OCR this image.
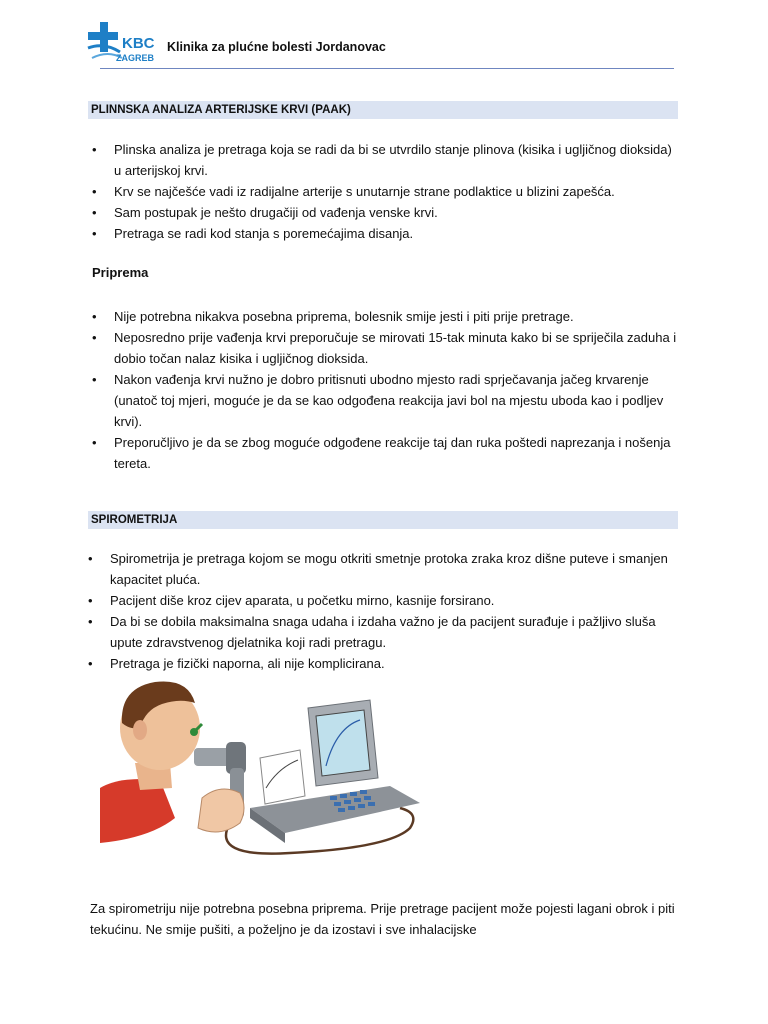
KBC
ZAGREB
Klinika za plućne bolesti Jordanovac
PLINNSKA ANALIZA ARTERIJSKE KRVI (PAAK)
• Plinska analiza je pretraga koja se radi da bi se utvrdilo stanje plinova (kisika i ugljičnog dioksida) u arterijskoj krvi.
• Krv se najčešće vadi iz radijalne arterije s unutarnje strane podlaktice u blizini zapešća.
• Sam postupak je nešto drugačiji od vađenja venske krvi.
• Pretraga se radi kod stanja s poremećajima disanja.
Priprema
• Nije potrebna nikakva posebna priprema, bolesnik smije jesti i piti prije pretrage.
• Neposredno prije vađenja krvi preporučuje se mirovati 15-tak minuta kako bi se spriječila zaduha i dobio točan nalaz kisika i ugljičnog dioksida.
• Nakon vađenja krvi nužno je dobro pritisnuti ubodno mjesto radi sprječavanja jačeg krvarenje (unatoč toj mjeri, moguće je da se kao odgođena reakcija javi bol na mjestu uboda kao i podljev krvi).
• Preporučljivo je da se zbog moguće odgođene reakcije taj dan ruka poštedi naprezanja i nošenja tereta.
SPIROMETRIJA
• Spirometrija je pretraga kojom se mogu otkriti smetnje protoka zraka kroz dišne puteve i smanjen kapacitet pluća.
• Pacijent diše kroz cijev aparata, u početku mirno, kasnije forsirano.
• Da bi se dobila maksimalna snaga udaha i izdaha važno je da pacijent surađuje i pažljivo sluša upute zdravstvenog djelatnika koji radi pretragu.
• Pretraga je fizički naporna, ali nije komplicirana.
Za spirometriju nije potrebna posebna priprema. Prije pretrage pacijent može pojesti lagani obrok i piti tekućinu. Ne smije pušiti, a poželjno je da izostavi i sve inhalacijske
